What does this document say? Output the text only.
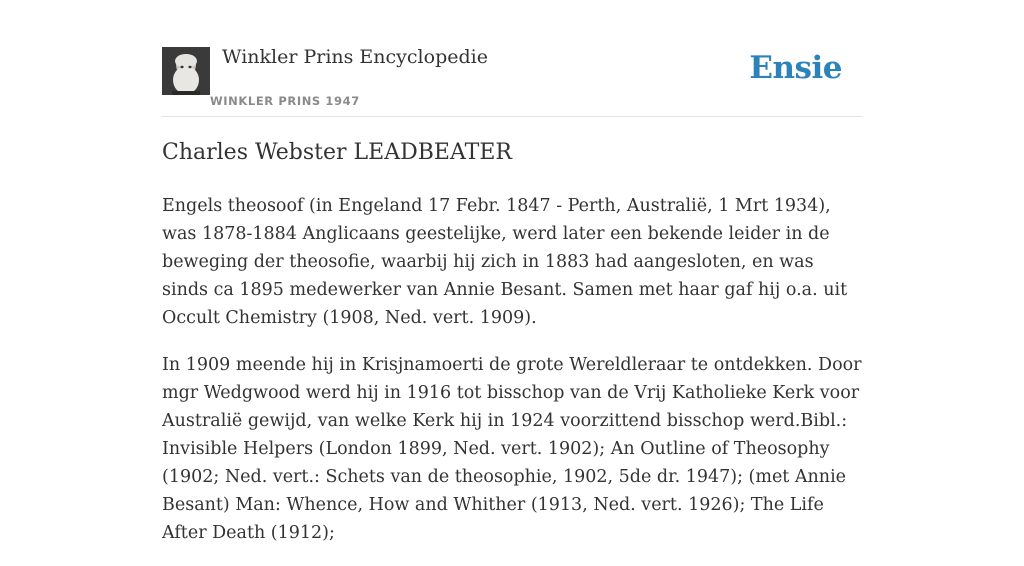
Winkler Prins Encyclopedie
WINKLER PRINS 1947
Ensie
Charles Webster LEADBEATER

Engels theosoof (in Engeland 17 Febr. 1847 - Perth, Australië, 1 Mrt 1934), was 1878-1884 Anglicaans geestelijke, werd later een bekende leider in de beweging der theosofie, waarbij hij zich in 1883 had aangesloten, en was sinds ca 1895 medewerker van Annie Besant. Samen met haar gaf hij o.a. uit Occult Chemistry (1908, Ned. vert. 1909).

In 1909 meende hij in Krisjnamoerti de grote Wereldleraar te ontdekken. Door mgr Wedgwood werd hij in 1916 tot bisschop van de Vrij Katholieke Kerk voor Australië gewijd, van welke Kerk hij in 1924 voorzittend bisschop werd.Bibl.: Invisible Helpers (London 1899, Ned. vert. 1902); An Outline of Theosophy (1902; Ned. vert.: Schets van de theosophie, 1902, 5de dr. 1947); (met Annie Besant) Man: Whence, How and Whither (1913, Ned. vert. 1926); The Life After Death (1912);
